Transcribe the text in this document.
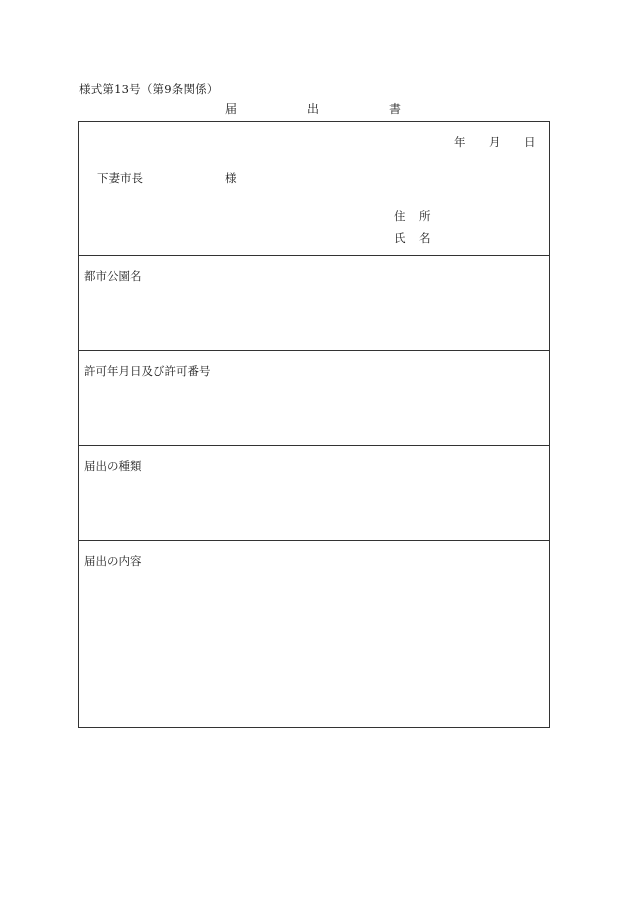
様式第13号（第9条関係）
届	出	書
年 月 日
下妻市長	様
住 所
氏 名
都市公園名
許可年月日及び許可番号
届出の種類
届出の内容
